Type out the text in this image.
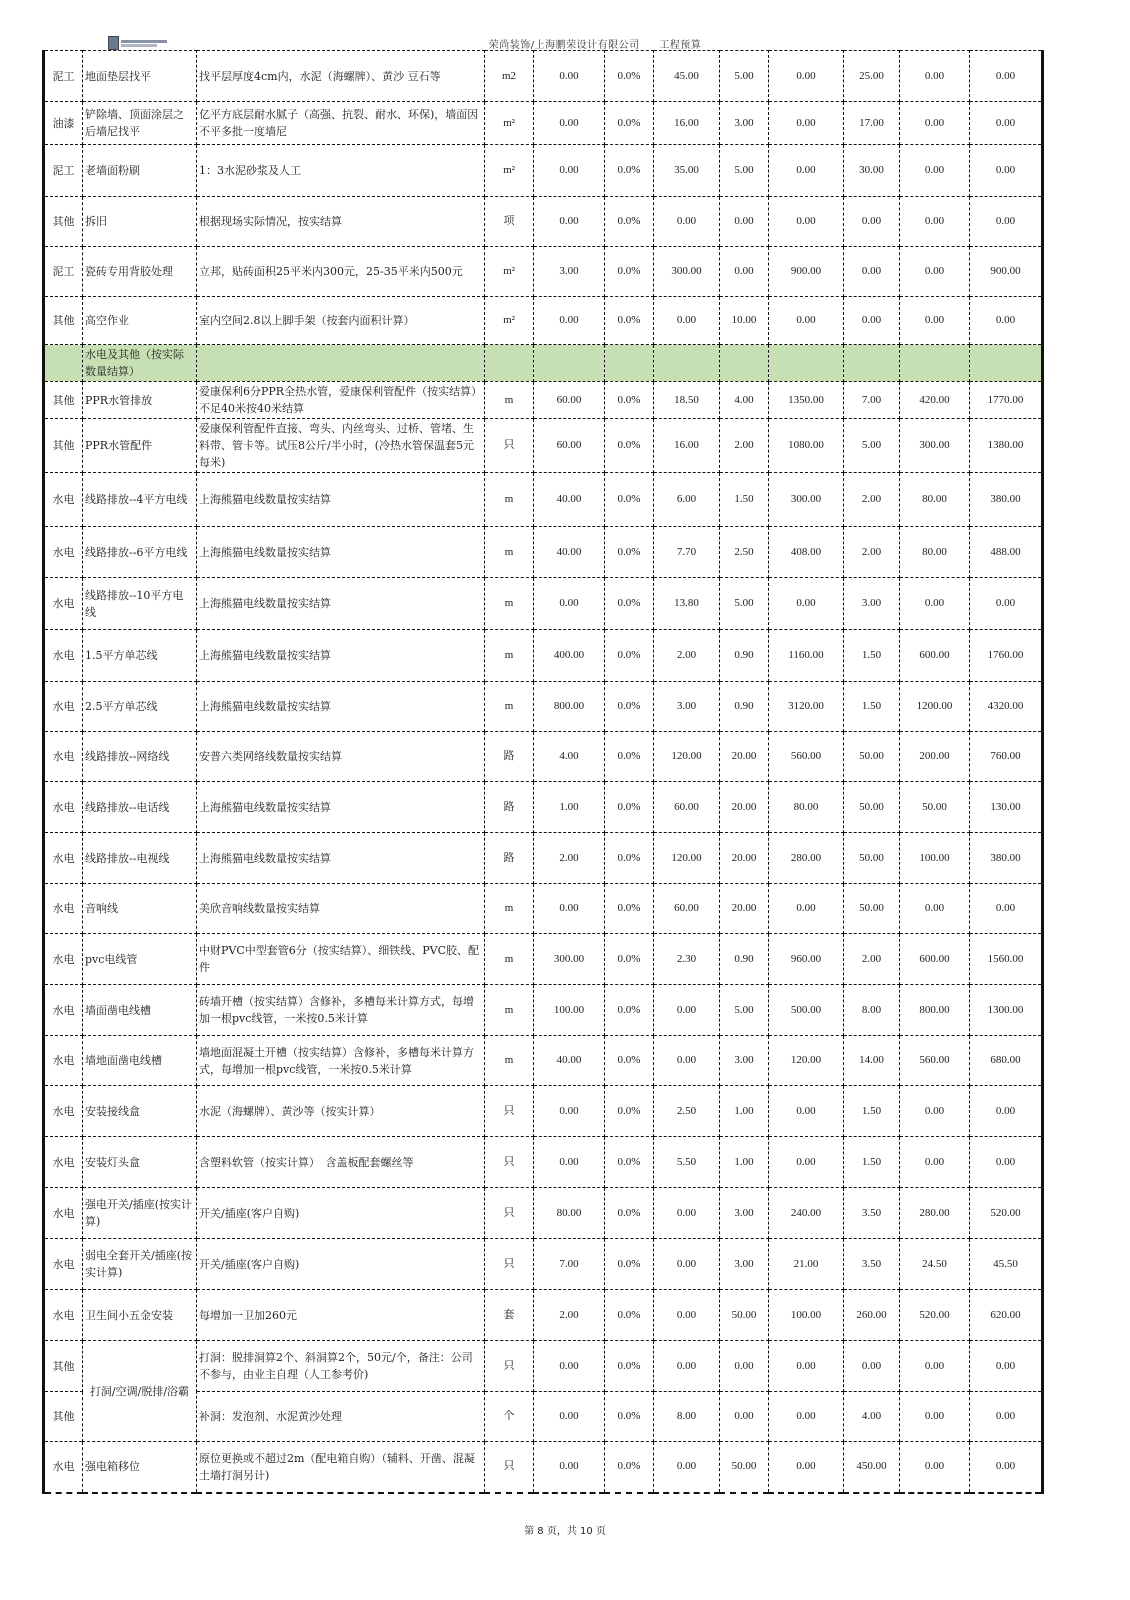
荣尚装饰/上海鹏荣设计有限公司 工程预算
泥工	地面垫层找平	找平层厚度4cm内，水泥（海螺牌）、黄沙 豆石等	m2	0.00	0.0%	45.00	5.00	0.00	25.00	0.00	0.00
油漆	铲除墙、顶面涂层之后墙尼找平	亿平方底层耐水腻子（高强、抗裂、耐水、环保)，墙面因不平多批一度墙尼	m²	0.00	0.0%	16.00	3.00	0.00	17.00	0.00	0.00
泥工	老墙面粉刷	1：3水泥砂浆及人工	m²	0.00	0.0%	35.00	5.00	0.00	30.00	0.00	0.00
其他	拆旧	根据现场实际情况，按实结算	项	0.00	0.0%	0.00	0.00	0.00	0.00	0.00	0.00
泥工	瓷砖专用背胶处理	立邦，贴砖面积25平米内300元，25-35平米内500元	m²	3.00	0.0%	300.00	0.00	900.00	0.00	0.00	900.00
其他	高空作业	室内空间2.8以上脚手架（按套内面积计算）	m²	0.00	0.0%	0.00	10.00	0.00	0.00	0.00	0.00
	水电及其他（按实际数量结算）										
其他	PPR水管排放	爱康保利6分PPR全热水管，爱康保利管配件（按实结算）不足40米按40米结算	m	60.00	0.0%	18.50	4.00	1350.00	7.00	420.00	1770.00
其他	PPR水管配件	爱康保利管配件直接、弯头、内丝弯头、过桥、管堵、生料带、管卡等。试压8公斤/半小时，(冷热水管保温套5元每米)	只	60.00	0.0%	16.00	2.00	1080.00	5.00	300.00	1380.00
水电	线路排放--4平方电线	上海熊猫电线数量按实结算	m	40.00	0.0%	6.00	1.50	300.00	2.00	80.00	380.00
水电	线路排放--6平方电线	上海熊猫电线数量按实结算	m	40.00	0.0%	7.70	2.50	408.00	2.00	80.00	488.00
水电	线路排放--10平方电线	上海熊猫电线数量按实结算	m	0.00	0.0%	13.80	5.00	0.00	3.00	0.00	0.00
水电	1.5平方单芯线	上海熊猫电线数量按实结算	m	400.00	0.0%	2.00	0.90	1160.00	1.50	600.00	1760.00
水电	2.5平方单芯线	上海熊猫电线数量按实结算	m	800.00	0.0%	3.00	0.90	3120.00	1.50	1200.00	4320.00
水电	线路排放--网络线	安普六类网络线数量按实结算	路	4.00	0.0%	120.00	20.00	560.00	50.00	200.00	760.00
水电	线路排放--电话线	上海熊猫电线数量按实结算	路	1.00	0.0%	60.00	20.00	80.00	50.00	50.00	130.00
水电	线路排放--电视线	上海熊猫电线数量按实结算	路	2.00	0.0%	120.00	20.00	280.00	50.00	100.00	380.00
水电	音响线	美欣音响线数量按实结算	m	0.00	0.0%	60.00	20.00	0.00	50.00	0.00	0.00
水电	pvc电线管	中财PVC中型套管6分（按实结算）、细铁线、PVC胶、配件	m	300.00	0.0%	2.30	0.90	960.00	2.00	600.00	1560.00
水电	墙面凿电线槽	砖墙开槽（按实结算）含修补，多槽每米计算方式，每增加一根pvc线管，一米按0.5米计算	m	100.00	0.0%	0.00	5.00	500.00	8.00	800.00	1300.00
水电	墙地面凿电线槽	墙地面混凝土开槽（按实结算）含修补，多槽每米计算方式，每增加一根pvc线管，一米按0.5米计算	m	40.00	0.0%	0.00	3.00	120.00	14.00	560.00	680.00
水电	安装接线盒	水泥（海螺牌）、黄沙等（按实计算）	只	0.00	0.0%	2.50	1.00	0.00	1.50	0.00	0.00
水电	安装灯头盒	含塑料软管（按实计算）　含盖板配套螺丝等	只	0.00	0.0%	5.50	1.00	0.00	1.50	0.00	0.00
水电	强电开关/插座(按实计算)	开关/插座(客户自购)	只	80.00	0.0%	0.00	3.00	240.00	3.50	280.00	520.00
水电	弱电全套开关/插座(按实计算)	开关/插座(客户自购)	只	7.00	0.0%	0.00	3.00	21.00	3.50	24.50	45.50
水电	卫生间小五金安装	每增加一卫加260元	套	2.00	0.0%	0.00	50.00	100.00	260.00	520.00	620.00
其他	打洞/空调/脱排/浴霸	打洞：脱排洞算2个、斜洞算2个，50元/个，备注：公司不参与，由业主自理（人工参考价)	只	0.00	0.0%	0.00	0.00	0.00	0.00	0.00	0.00
其他		补洞：发泡剂、水泥黄沙处理	个	0.00	0.0%	8.00	0.00	0.00	4.00	0.00	0.00
水电	强电箱移位	原位更换或不超过2m（配电箱自购）（辅料、开凿、混凝土墙打洞另计)	只	0.00	0.0%	0.00	50.00	0.00	450.00	0.00	0.00
第 8 页，共 10 页
